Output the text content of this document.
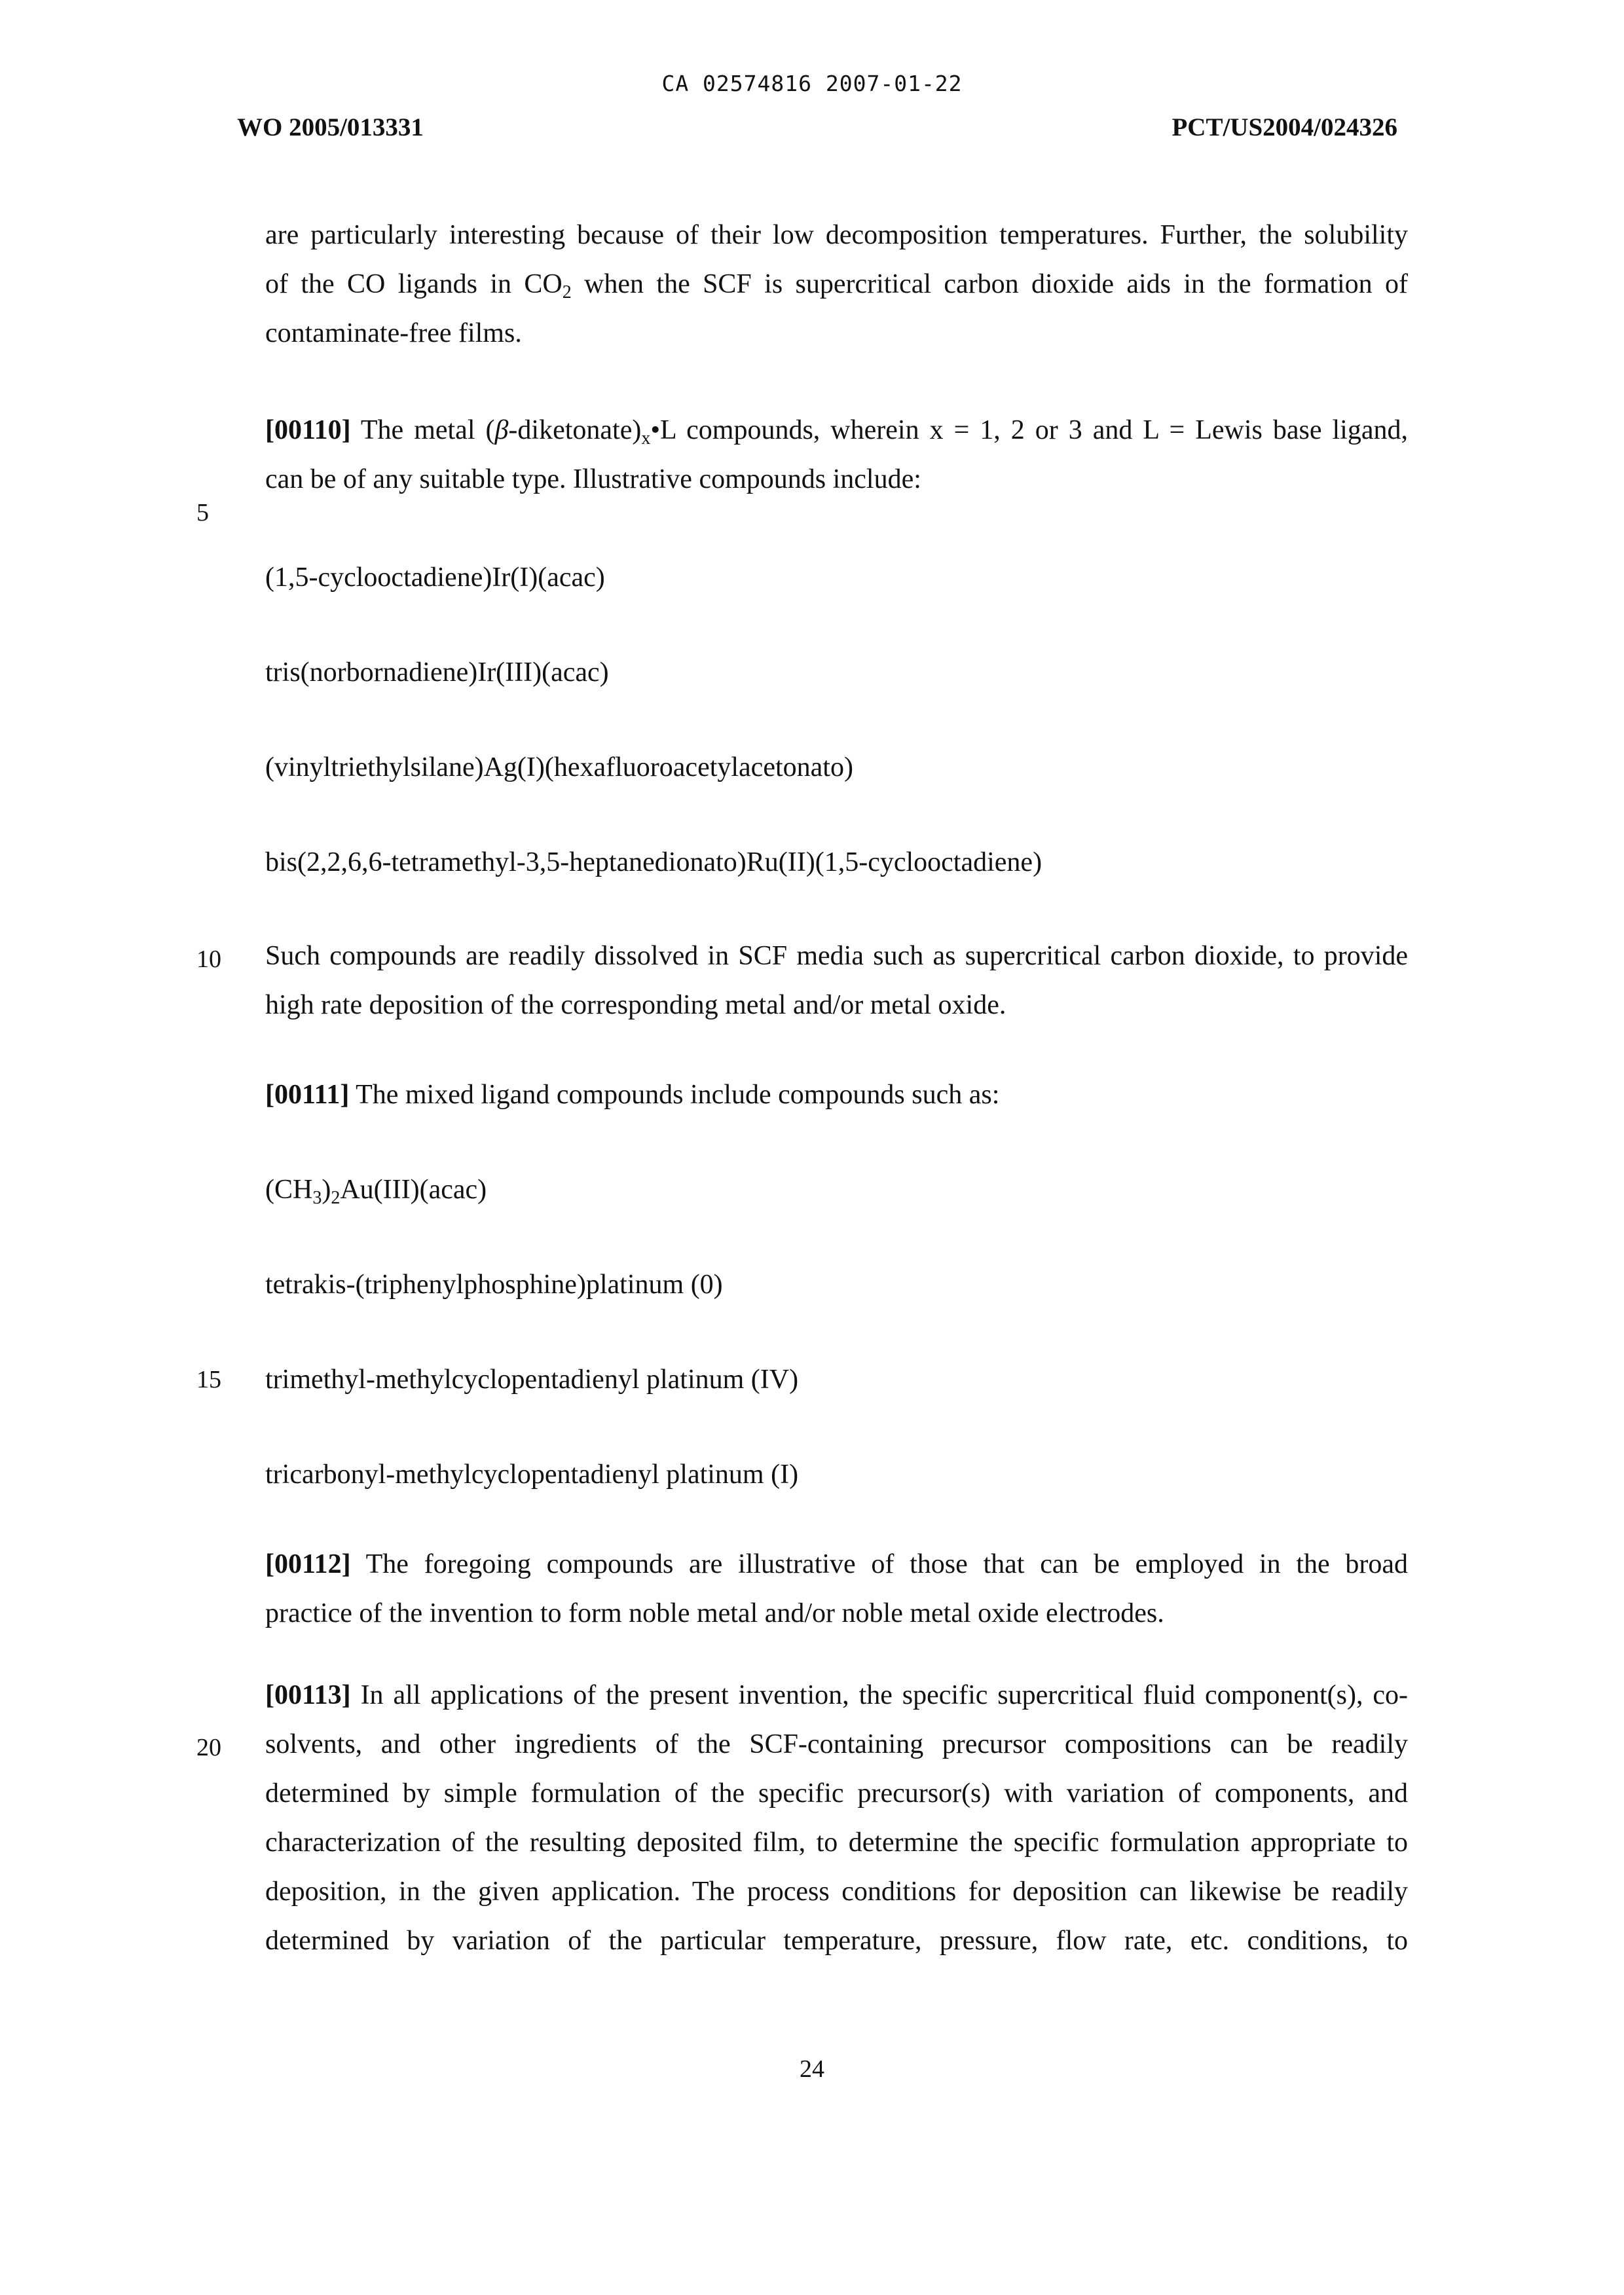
CA 02574816 2007-01-22
WO 2005/013331	PCT/US2004/024326
are particularly interesting because of their low decomposition temperatures. Further, the solubility
of the CO ligands in $CO_2$ when the SCF is supercritical carbon dioxide aids in the formation of
contaminate-free films.
[00110] The metal $(\beta-diketonate)_x•L$ compounds, wherein x = 1, 2 or 3 and L = Lewis base ligand,
can be of any suitable type. Illustrative compounds include:
(1,5-cyclooctadiene)Ir(I)(acac)
tris(norbornadiene)Ir(III)(acac)
(vinyltriethylsilane)Ag(I)(hexafluoroacetylacetonato)
bis(2,2,6,6-tetramethyl-3,5-heptanedionato)Ru(II)(1,5-cyclooctadiene)
Such compounds are readily dissolved in SCF media such as supercritical carbon dioxide, to provide
high rate deposition of the corresponding metal and/or metal oxide.
[00111] The mixed ligand compounds include compounds such as:
$(CH_3)_2Au(III)(acac)$
tetrakis-(triphenylphosphine)platinum (0)
trimethyl-methylcyclopentadienyl platinum (IV)
tricarbonyl-methylcyclopentadienyl platinum (I)
[00112] The foregoing compounds are illustrative of those that can be employed in the broad
practice of the invention to form noble metal and/or noble metal oxide electrodes.
[00113] In all applications of the present invention, the specific supercritical fluid component(s), co-
solvents, and other ingredients of the SCF-containing precursor compositions can be readily
determined by simple formulation of the specific precursor(s) with variation of components, and
characterization of the resulting deposited film, to determine the specific formulation appropriate to
deposition, in the given application. The process conditions for deposition can likewise be readily
determined by variation of the particular temperature, pressure, flow rate, etc. conditions, to
5
10
15
20
24
